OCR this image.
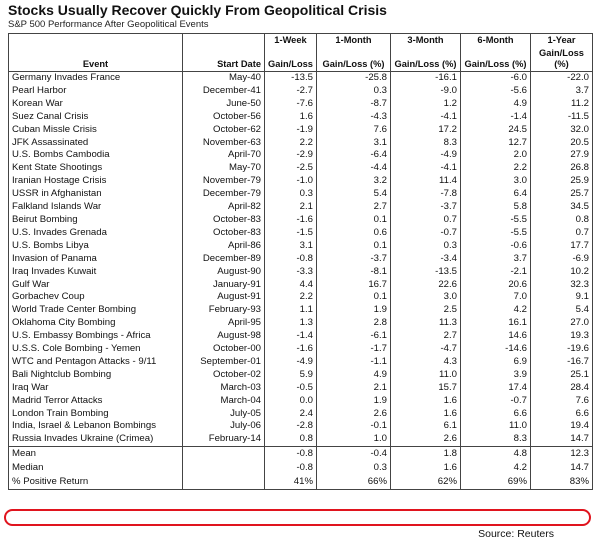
Stocks Usually Recover Quickly From Geopolitical Crisis
S&P 500 Performance After Geopolitical Events
		1-Week	1-Month	3-Month	6-Month	1-Year
Event	Start Date	Gain/Loss	Gain/Loss (%)	Gain/Loss (%)	Gain/Loss (%)	Gain/Loss (%)
Germany Invades France	May-40	-13.5	-25.8	-16.1	-6.0	-22.0
Pearl Harbor	December-41	-2.7	0.3	-9.0	-5.6	3.7
Korean War	June-50	-7.6	-8.7	1.2	4.9	11.2
Suez Canal Crisis	October-56	1.6	-4.3	-4.1	-1.4	-11.5
Cuban Missle Crisis	October-62	-1.9	7.6	17.2	24.5	32.0
JFK Assassinated	November-63	2.2	3.1	8.3	12.7	20.5
U.S. Bombs Cambodia	April-70	-2.9	-6.4	-4.9	2.0	27.9
Kent State Shootings	May-70	-2.5	-4.4	-4.1	2.2	26.8
Iranian Hostage Crisis	November-79	-1.0	3.2	11.4	3.0	25.9
USSR in Afghanistan	December-79	0.3	5.4	-7.8	6.4	25.7
Falkland Islands War	April-82	2.1	2.7	-3.7	5.8	34.5
Beirut Bombing	October-83	-1.6	0.1	0.7	-5.5	0.8
U.S. Invades Grenada	October-83	-1.5	0.6	-0.7	-5.5	0.7
U.S. Bombs Libya	April-86	3.1	0.1	0.3	-0.6	17.7
Invasion of Panama	December-89	-0.8	-3.7	-3.4	3.7	-6.9
Iraq Invades Kuwait	August-90	-3.3	-8.1	-13.5	-2.1	10.2
Gulf War	January-91	4.4	16.7	22.6	20.6	32.3
Gorbachev Coup	August-91	2.2	0.1	3.0	7.0	9.1
World Trade Center Bombing	February-93	1.1	1.9	2.5	4.2	5.4
Oklahoma City Bombing	April-95	1.3	2.8	11.3	16.1	27.0
U.S. Embassy Bombings - Africa	August-98	-1.4	-6.1	2.7	14.6	19.3
U.S.S. Cole Bombing - Yemen	October-00	-1.6	-1.7	-4.7	-14.6	-19.6
WTC and Pentagon Attacks - 9/11	September-01	-4.9	-1.1	4.3	6.9	-16.7
Bali Nightclub Bombing	October-02	5.9	4.9	11.0	3.9	25.1
Iraq War	March-03	-0.5	2.1	15.7	17.4	28.4
Madrid Terror Attacks	March-04	0.0	1.9	1.6	-0.7	7.6
London Train Bombing	July-05	2.4	2.6	1.6	6.6	6.6
India, Israel & Lebanon Bombings	July-06	-2.8	-0.1	6.1	11.0	19.4
Russia Invades Ukraine (Crimea)	February-14	0.8	1.0	2.6	8.3	14.7
Mean		-0.8	-0.4	1.8	4.8	12.3
Median		-0.8	0.3	1.6	4.2	14.7
% Positive Return		41%	66%	62%	69%	83%
Source: Reuters
